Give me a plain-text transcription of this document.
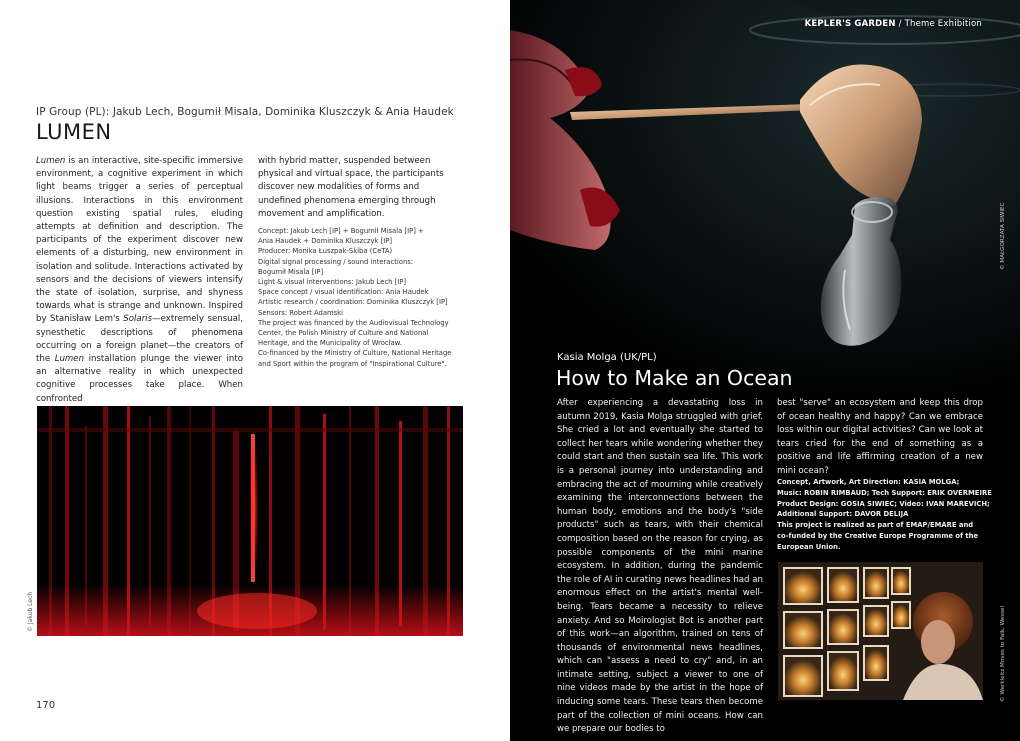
IP Group (PL): Jakub Lech, Bogumił Misala, Dominika Kluszczyk & Ania Haudek
LUMEN

Lumen is an interactive, site-specific immersive environment, a cognitive experiment in which light beams trigger a series of perceptual illusions. Interactions in this environment question existing spatial rules, eluding attempts at definition and description. The participants of the experiment discover new elements of a disturbing, new environment in isolation and solitude. Interactions activated by sensors and the decisions of viewers intensify the state of isolation, surprise, and shyness towards what is strange and unknown. Inspired by Stanisław Lem's Solaris—extremely sensual, synesthetic descriptions of phenomena occurring on a foreign planet—the creators of the Lumen installation plunge the viewer into an alternative reality in which unexpected cognitive processes take place. When confronted

with hybrid matter, suspended between physical and virtual space, the participants discover new modalities of forms and undefined phenomena emerging through movement and amplification.

Concept: Jakub Lech [IP] + Bogumił Misala [IP] +
Ania Haudek + Dominika Kluszczyk [IP]
Producer: Monika Łuszpak-Skiba (CeTA)
Digital signal processing / sound interactions:
Bogumił Misala [IP]
Light & visual interventions: Jakub Lech [IP]
Space concept / visual identification: Ania Haudek
Artistic research / coordination: Dominika Kluszczyk [IP]
Sensors: Robert Adamski
The project was financed by the Audiovisual Technology
Center, the Polish Ministry of Culture and National
Heritage, and the Municipality of Wrocław.
Co-financed by the Ministry of Culture, National Heritage
and Sport within the program of "Inspirational Culture".
© Jakub Lech
170
KEPLER'S GARDEN / Theme Exhibition
© MAŁGORZATA SIWIEC
Kasia Molga (UK/PL)
How to Make an Ocean

After experiencing a devastating loss in autumn 2019, Kasia Molga struggled with grief. She cried a lot and eventually she started to collect her tears while wondering whether they could start and then sustain sea life. This work is a personal journey into understanding and embracing the act of mourning while creatively examining the interconnections between the human body, emotions and the body's "side products" such as tears, with their chemical composition based on the reason for crying, as possible components of the mini marine ecosystem. In addition, during the pandemic the role of AI in curating news headlines had an enormous effect on the artist's mental well-being. Tears became a necessity to relieve anxiety. And so Moirologist Bot is another part of this work—an algorithm, trained on tens of thousands of environmental news headlines, which can "assess a need to cry" and, in an intimate setting, subject a viewer to one of nine videos made by the artist in the hope of inducing some tears. These tears then become part of the collection of mini oceans. How can we prepare our bodies to

best "serve" an ecosystem and keep this drop of ocean healthy and happy? Can we embrace loss within our digital activities? Can we look at tears cried for the end of something as a positive and life affirming creation of a new mini ocean?

Concept, Artwork, Art Direction: KASIA MOLGA;
Music: ROBIN RIMBAUD; Tech Support: ERIK OVERMEIRE
Product Design: GOSIA SIWIEC; Video: IVAN MAREVICH;
Additional Support: DAVOR DELIJA
This project is realized as part of EMAP/EMARE and
co-funded by the Creative Europe Programme of the
European Union.
© Werkleitz Moves to Falk, Wessel
